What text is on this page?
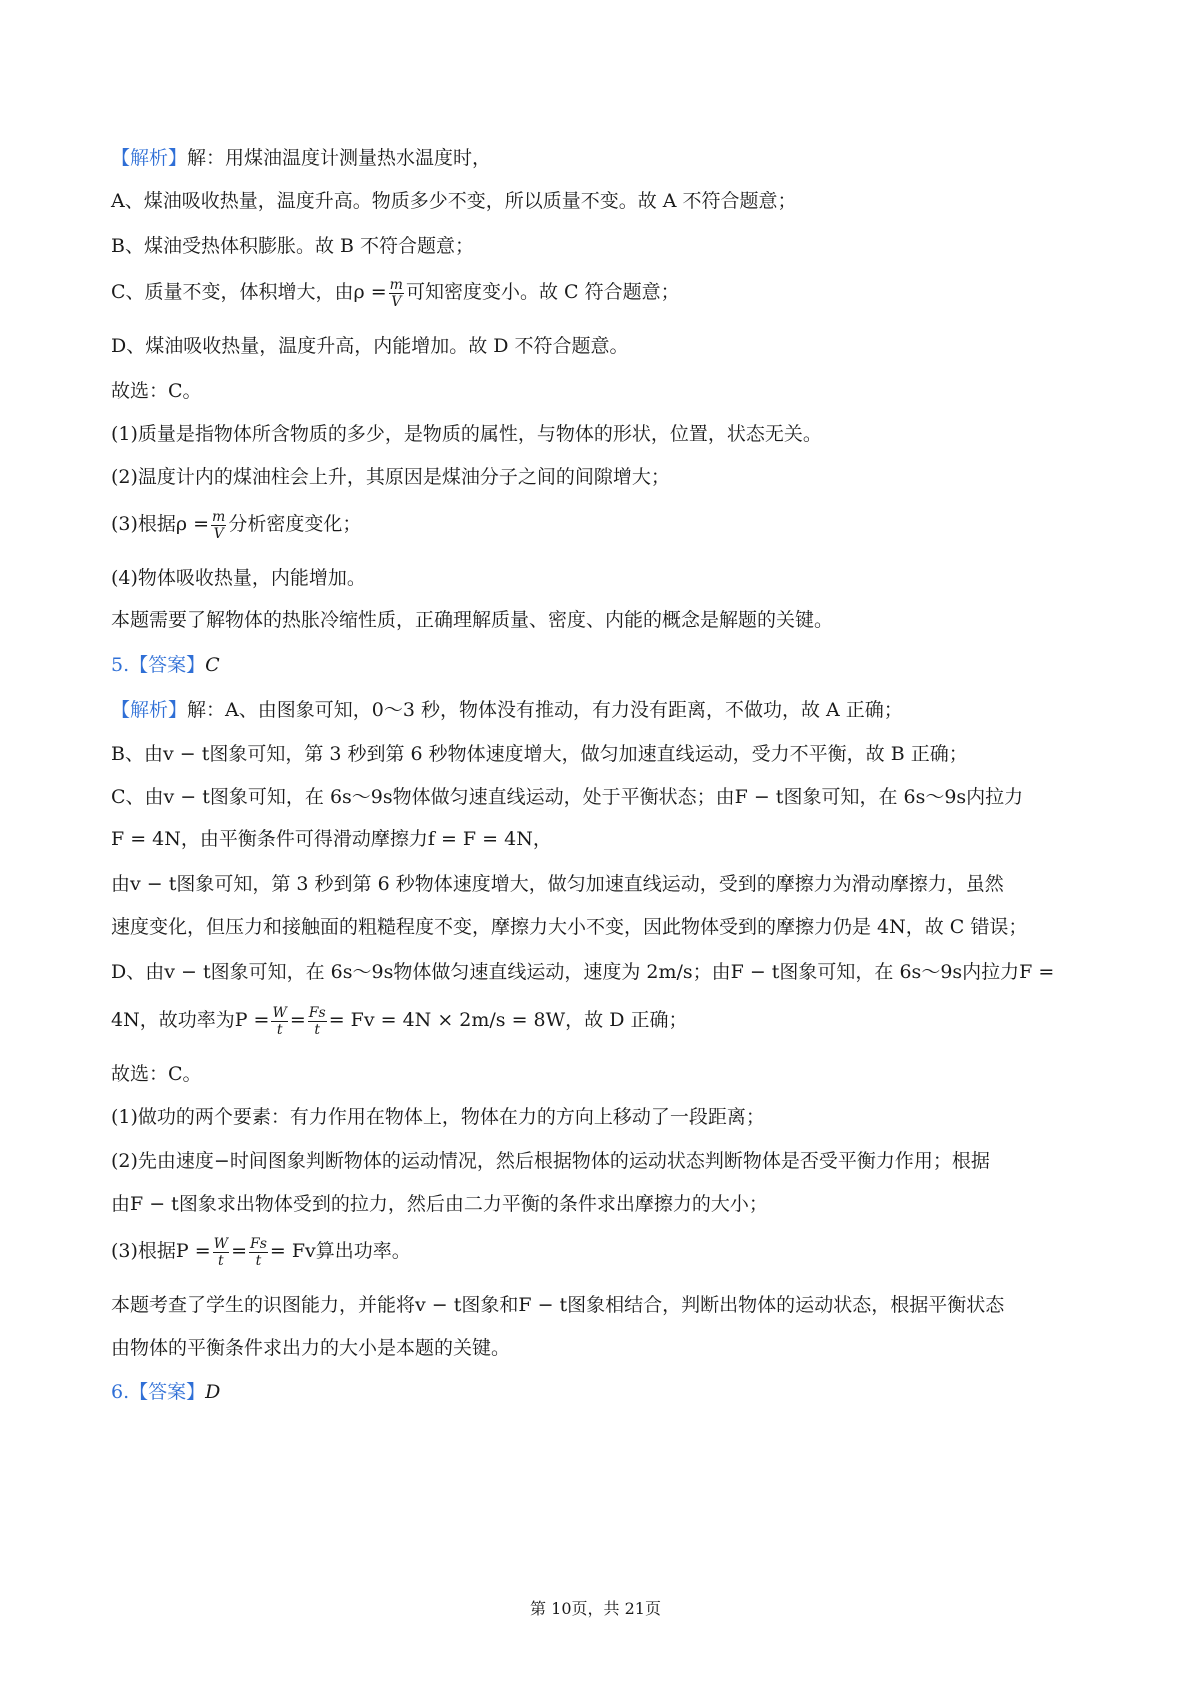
【解析】解：用煤油温度计测量热水温度时，
A、煤油吸收热量，温度升高。物质多少不变，所以质量不变。故 A 不符合题意；
B、煤油受热体积膨胀。故 B 不符合题意；
C、质量不变，体积增大，由$\rho = \frac{m}{V}$ 可知密度变小。故 C 符合题意；
D、煤油吸收热量，温度升高，内能增加。故 D 不符合题意。
故选：C。
(1)质量是指物体所含物质的多少，是物质的属性，与物体的形状，位置，状态无关。
(2)温度计内的煤油柱会上升，其原因是煤油分子之间的间隙增大；
(3)根据$\rho = \frac{m}{V}$ 分析密度变化；
(4)物体吸收热量，内能增加。
本题需要了解物体的热胀冷缩性质，正确理解质量、密度、内能的概念是解题的关键。
5.【答案】C
【解析】解：A、由图象可知，0～3 秒，物体没有推动，有力没有距离，不做功，故 A 正确；
B、由v − t图象可知，第 3 秒到第 6 秒物体速度增大，做匀加速直线运动，受力不平衡，故 B 正确；
C、由v − t图象可知，在 6s～9s物体做匀速直线运动，处于平衡状态；由F − t图象可知，在 6s～9s内拉力
F = 4N，由平衡条件可得滑动摩擦力f = F = 4N，
由v − t图象可知，第 3 秒到第 6 秒物体速度增大，做匀加速直线运动，受到的摩擦力为滑动摩擦力，虽然
速度变化，但压力和接触面的粗糙程度不变，摩擦力大小不变，因此物体受到的摩擦力仍是 4N，故 C 错误；
D、由v − t图象可知，在 6s～9s物体做匀速直线运动，速度为 2m/s；由F − t图象可知，在 6s～9s内拉力F =
4N，故功率为$P = \frac{W}{t} = \frac{Fs}{t} = Fv = 4N \times 2m/s = 8W$，故 D 正确；
故选：C。
(1)做功的两个要素：有力作用在物体上，物体在力的方向上移动了一段距离；
(2)先由速度−时间图象判断物体的运动情况，然后根据物体的运动状态判断物体是否受平衡力作用；根据
由F − t图象求出物体受到的拉力，然后由二力平衡的条件求出摩擦力的大小；
(3)根据$P = \frac{W}{t} = \frac{Fs}{t} = Fv$算出功率。
本题考查了学生的识图能力，并能将v − t图象和F − t图象相结合，判断出物体的运动状态，根据平衡状态
由物体的平衡条件求出力的大小是本题的关键。
6.【答案】D
第 10页，共 21页
